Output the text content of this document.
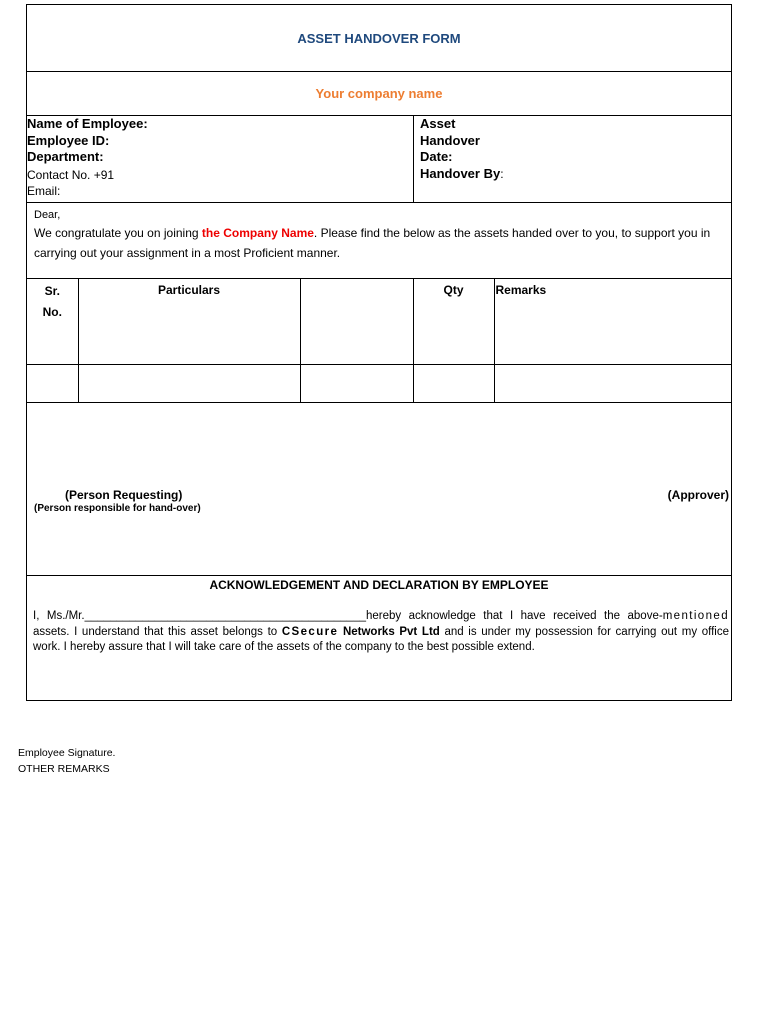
ASSET HANDOVER FORM
Your company name
Name of Employee:
Employee ID:
Department:
Contact No. +91
Email:
Asset
Handover
Date:
Handover By:

Dear,

We congratulate you on joining the Company Name. Please find the below as the assets handed over to you, to support you in carrying out your assignment in a most Proficient manner.

Sr.
No.	Particulars		Qty	Remarks

(Person Requesting)
(Person responsible for hand-over)
(Approver)
ACKNOWLEDGEMENT AND DECLARATION BY EMPLOYEE
I, Ms./Mr.____________________________________________hereby acknowledge that I have received the above-mentioned assets. I understand that this asset belongs to CSecure Networks Pvt Ltd and is under my possession for carrying out my office work. I hereby assure that I will take care of the assets of the company to the best possible extend.
Employee Signature.
OTHER REMARKS
